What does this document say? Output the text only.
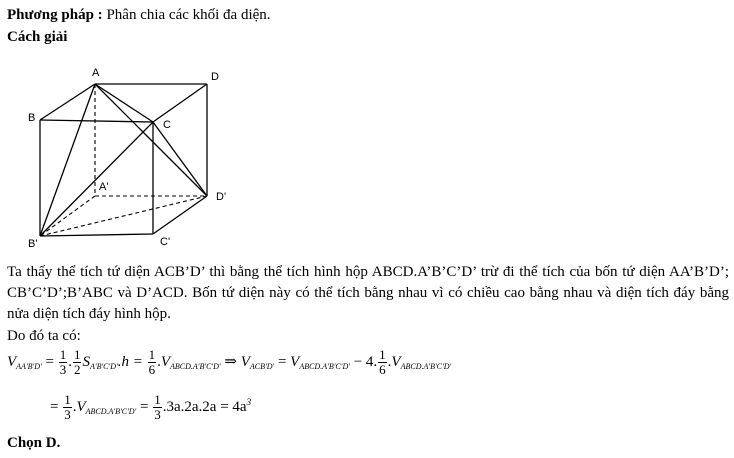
Phương pháp : Phân chia các khối đa diện.
Cách giải
A	D
B
C
A'
D'
B'	C'
Ta thấy thể tích tứ diện ACB’D’ thì bằng thể tích hình hộp ABCD.A’B’C’D’ trừ đi thể tích của bốn tứ diện AA’B’D’; CB’C’D’;B’ABC và D’ACD. Bốn tứ diện này có thể tích bằng nhau vì có chiều cao bằng nhau và diện tích đáy bằng nửa diện tích đáy hình hộp.
Do đó ta có:
$V_{AA'B'D'} = \frac{1}{3}$ . $\frac{1}{2} S_{A'B'C'D'}.h = \frac{1}{6} .V_{ABCD.A'B'C'D'}$ ⇒ $V_{ACB'D'} = V_{ABCD.A'B'C'D'} - 4$. $\frac{1}{6} .V_{ABCD.A'B'C'D'}$
= $\frac{1}{3} .V_{ABCD.A'B'C'D'} = \frac{1}{3} .3a.2a.2a = 4a^3$
Chọn D.
